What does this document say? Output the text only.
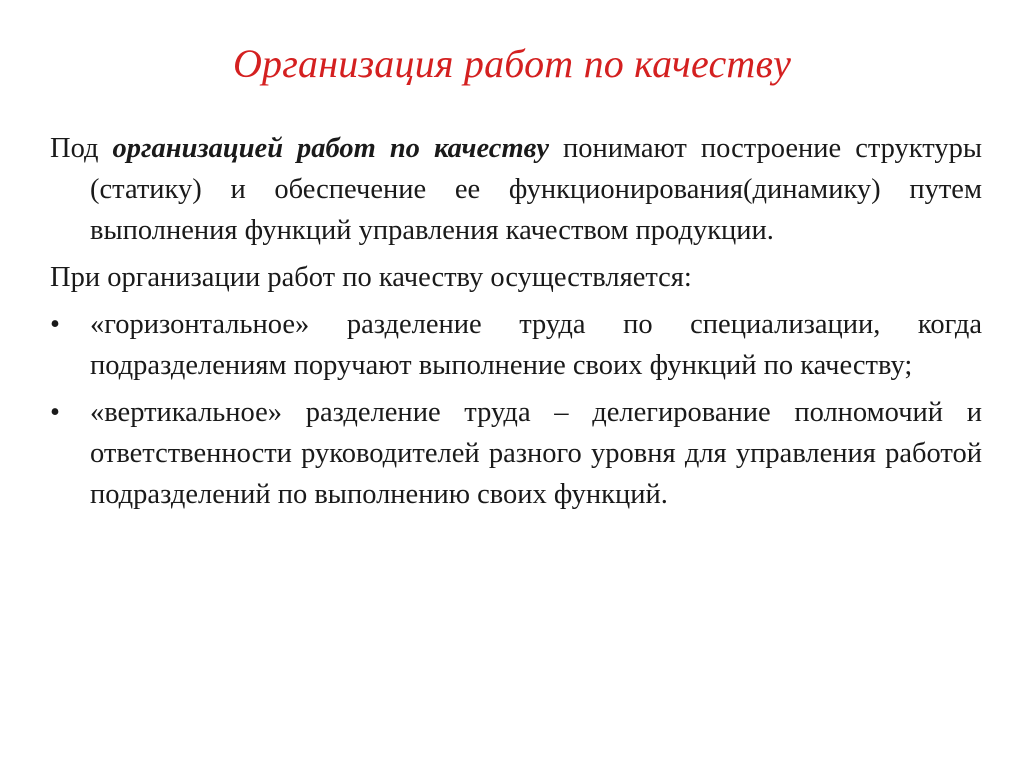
Организация работ по качеству

Под организацией работ по качеству понимают построение структуры (статику) и обеспечение ее функционирования(динамику) путем выполнения функций управления качеством продукции.

При организации работ по качеству осуществляется:

• «горизонтальное» разделение труда по специализации, когда подразделениям поручают выполнение своих функций по качеству;
• «вертикальное» разделение труда – делегирование полномочий и ответственности руководителей разного уровня для управления работой подразделений по выполнению своих функций.
